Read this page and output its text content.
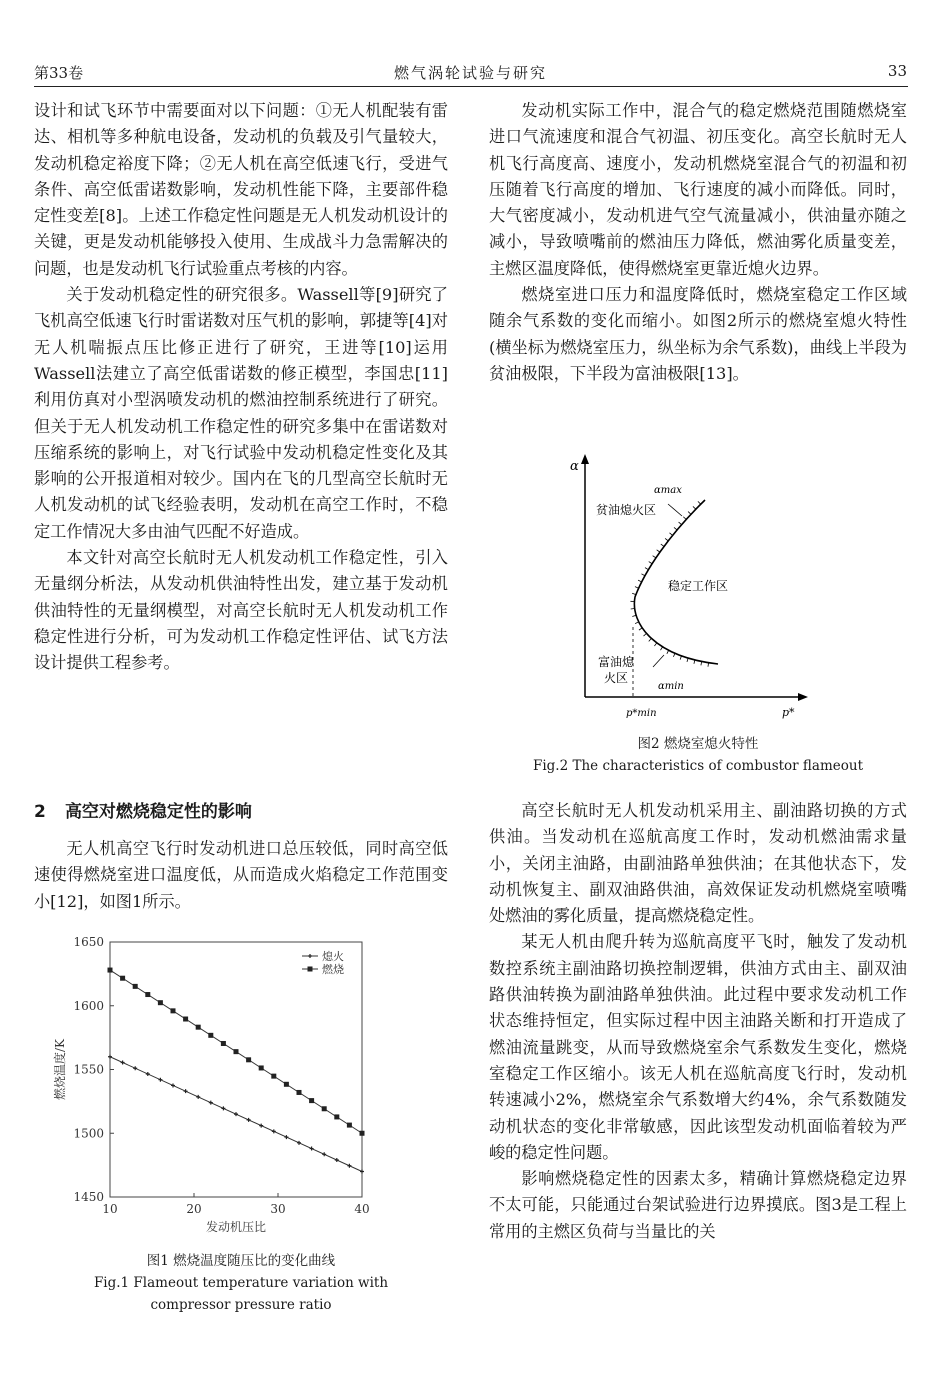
第33卷	燃气涡轮试验与研究	33

设计和试飞环节中需要面对以下问题：①无人机配装有雷达、相机等多种航电设备，发动机的负载及引气量较大，发动机稳定裕度下降；②无人机在高空低速飞行，受进气条件、高空低雷诺数影响，发动机性能下降，主要部件稳定性变差[8]。上述工作稳定性问题是无人机发动机设计的关键，更是发动机能够投入使用、生成战斗力急需解决的问题，也是发动机飞行试验重点考核的内容。

关于发动机稳定性的研究很多。Wassell等[9]研究了飞机高空低速飞行时雷诺数对压气机的影响，郭捷等[4]对无人机喘振点压比修正进行了研究，王进等[10]运用Wassell法建立了高空低雷诺数的修正模型，李国忠[11]利用仿真对小型涡喷发动机的燃油控制系统进行了研究。但关于无人机发动机工作稳定性的研究多集中在雷诺数对压缩系统的影响上，对飞行试验中发动机稳定性变化及其影响的公开报道相对较少。国内在飞的几型高空长航时无人机发动机的试飞经验表明，发动机在高空工作时，不稳定工作情况大多由油气匹配不好造成。

本文针对高空长航时无人机发动机工作稳定性，引入无量纲分析法，从发动机供油特性出发，建立基于发动机供油特性的无量纲模型，对高空长航时无人机发动机工作稳定性进行分析，可为发动机工作稳定性评估、试飞方法设计提供工程参考。

2 高空对燃烧稳定性的影响

无人机高空飞行时发动机进口总压较低，同时高空低速使得燃烧室进口温度低，从而造成火焰稳定工作范围变小[12]，如图1所示。

1650
1600
1550
1500
1450
10	20	30	40
发动机压比
燃烧温度/K
熄火
燃烧
图1 燃烧温度随压比的变化曲线
Fig.1 Flameout temperature variation with
compressor pressure ratio

发动机实际工作中，混合气的稳定燃烧范围随燃烧室进口气流速度和混合气初温、初压变化。高空长航时无人机飞行高度高、速度小，发动机燃烧室混合气的初温和初压随着飞行高度的增加、飞行速度的减小而降低。同时，大气密度减小，发动机进气空气流量减小，供油量亦随之减小，导致喷嘴前的燃油压力降低，燃油雾化质量变差，主燃区温度降低，使得燃烧室更靠近熄火边界。

燃烧室进口压力和温度降低时，燃烧室稳定工作区域随余气系数的变化而缩小。如图2所示的燃烧室熄火特性(横坐标为燃烧室压力，纵坐标为余气系数)，曲线上半段为贫油极限，下半段为富油极限[13]。

α
αmax
贫油熄火区
稳定工作区
富油熄
火区
αmin
p*min	p*
图2 燃烧室熄火特性
Fig.2 The characteristics of combustor flameout

高空长航时无人机发动机采用主、副油路切换的方式供油。当发动机在巡航高度工作时，发动机燃油需求量小，关闭主油路，由副油路单独供油；在其他状态下，发动机恢复主、副双油路供油，高效保证发动机燃烧室喷嘴处燃油的雾化质量，提高燃烧稳定性。

某无人机由爬升转为巡航高度平飞时，触发了发动机数控系统主副油路切换控制逻辑，供油方式由主、副双油路供油转换为副油路单独供油。此过程中要求发动机工作状态维持恒定，但实际过程中因主油路关断和打开造成了燃油流量跳变，从而导致燃烧室余气系数发生变化，燃烧室稳定工作区缩小。该无人机在巡航高度飞行时，发动机转速减小2%，燃烧室余气系数增大约4%，余气系数随发动机状态的变化非常敏感，因此该型发动机面临着较为严峻的稳定性问题。

影响燃烧稳定性的因素太多，精确计算燃烧稳定边界不太可能，只能通过台架试验进行边界摸底。图3是工程上常用的主燃区负荷与当量比的关
